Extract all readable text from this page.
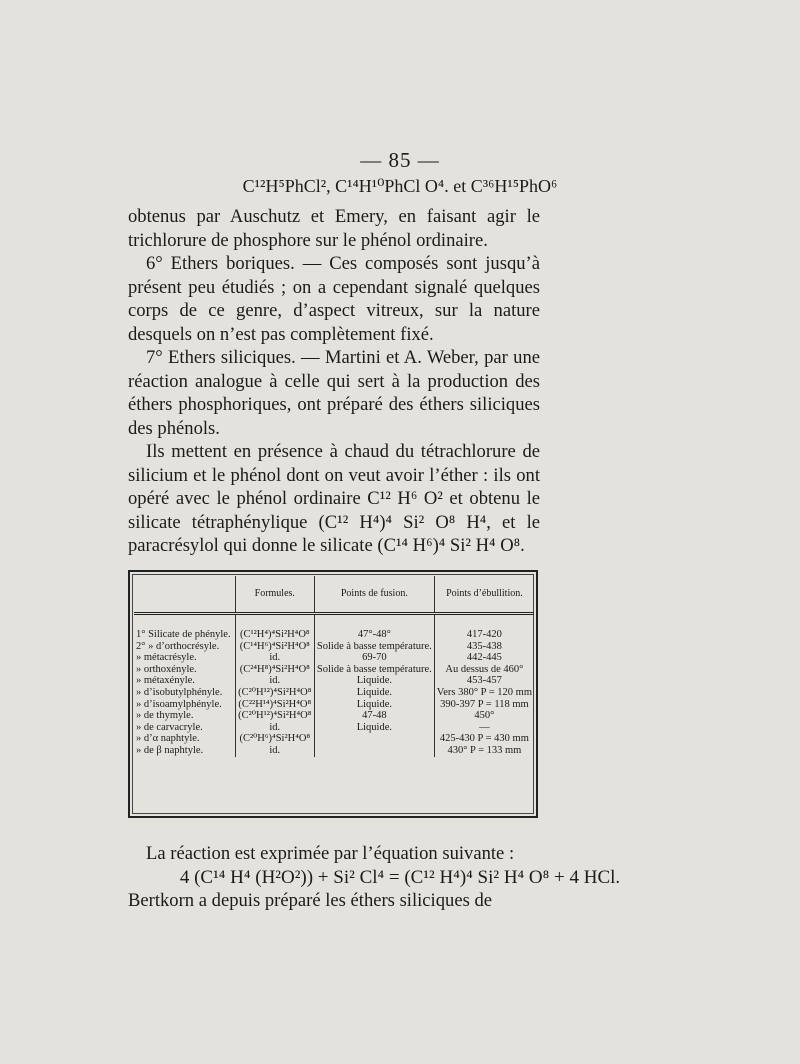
— 85 —
C¹²H⁵PhCl², C¹⁴H¹⁰PhCl O⁴. et C³⁶H¹⁵PhO⁶

obtenus par Auschutz et Emery, en faisant agir le trichlorure de phosphore sur le phénol ordinaire.

6° Ethers boriques. — Ces composés sont jusqu’à présent peu étudiés ; on a cependant signalé quelques corps de ce genre, d’aspect vitreux, sur la nature desquels on n’est pas complètement fixé.

7° Ethers siliciques. — Martini et A. Weber, par une réaction analogue à celle qui sert à la production des éthers phosphoriques, ont préparé des éthers siliciques des phénols.

Ils mettent en présence à chaud du tétrachlorure de silicium et le phénol dont on veut avoir l’éther : ils ont opéré avec le phénol ordinaire C¹² H⁶ O² et obtenu le silicate tétraphénylique (C¹² H⁴)⁴ Si² O⁸ H⁴, et le paracrésylol qui donne le silicate (C¹⁴ H⁶)⁴ Si² H⁴ O⁸.

	Formules.	Points de fusion.	Points d’ébullition.
1° Silicate de phényle.	(C¹²H⁴)⁴Si²H⁴O⁸	47°-48°	417-420
2° » d’orthocrésyle.	(C¹⁴H⁶)⁴Si²H⁴O⁸	Solide à basse température.	435-438
» métacrésyle.	id.	69-70	442-445
» orthoxényle.	(C²⁴H⁸)⁴Si²H⁴O⁸	Solide à basse température.	Au dessus de 460°
» métaxényle.	id.	Liquide.	453-457
» d’isobutylphényle.	(C²⁰H¹²)⁴Si²H⁴O⁸	Liquide.	Vers 380° P = 120 mm
» d’isoamylphényle.	(C²²H¹⁴)⁴Si²H⁴O⁸	Liquide.	390-397 P = 118 mm
» de thymyle.	(C²⁰H¹²)⁴Si²H⁴O⁸	47-48	450°
» de carvacryle.	id.	Liquide.	—
» d’α naphtyle.	(C²⁰H⁶)⁴Si²H⁴O⁸		425-430 P = 430 mm
» de β naphtyle.	id.		430° P = 133 mm

La réaction est exprimée par l’équation suivante :

4 (C¹⁴ H⁴ (H²O²)) + Si² Cl⁴ = (C¹² H⁴)⁴ Si² H⁴ O⁸ + 4 HCl.

Bertkorn a depuis préparé les éthers siliciques de
